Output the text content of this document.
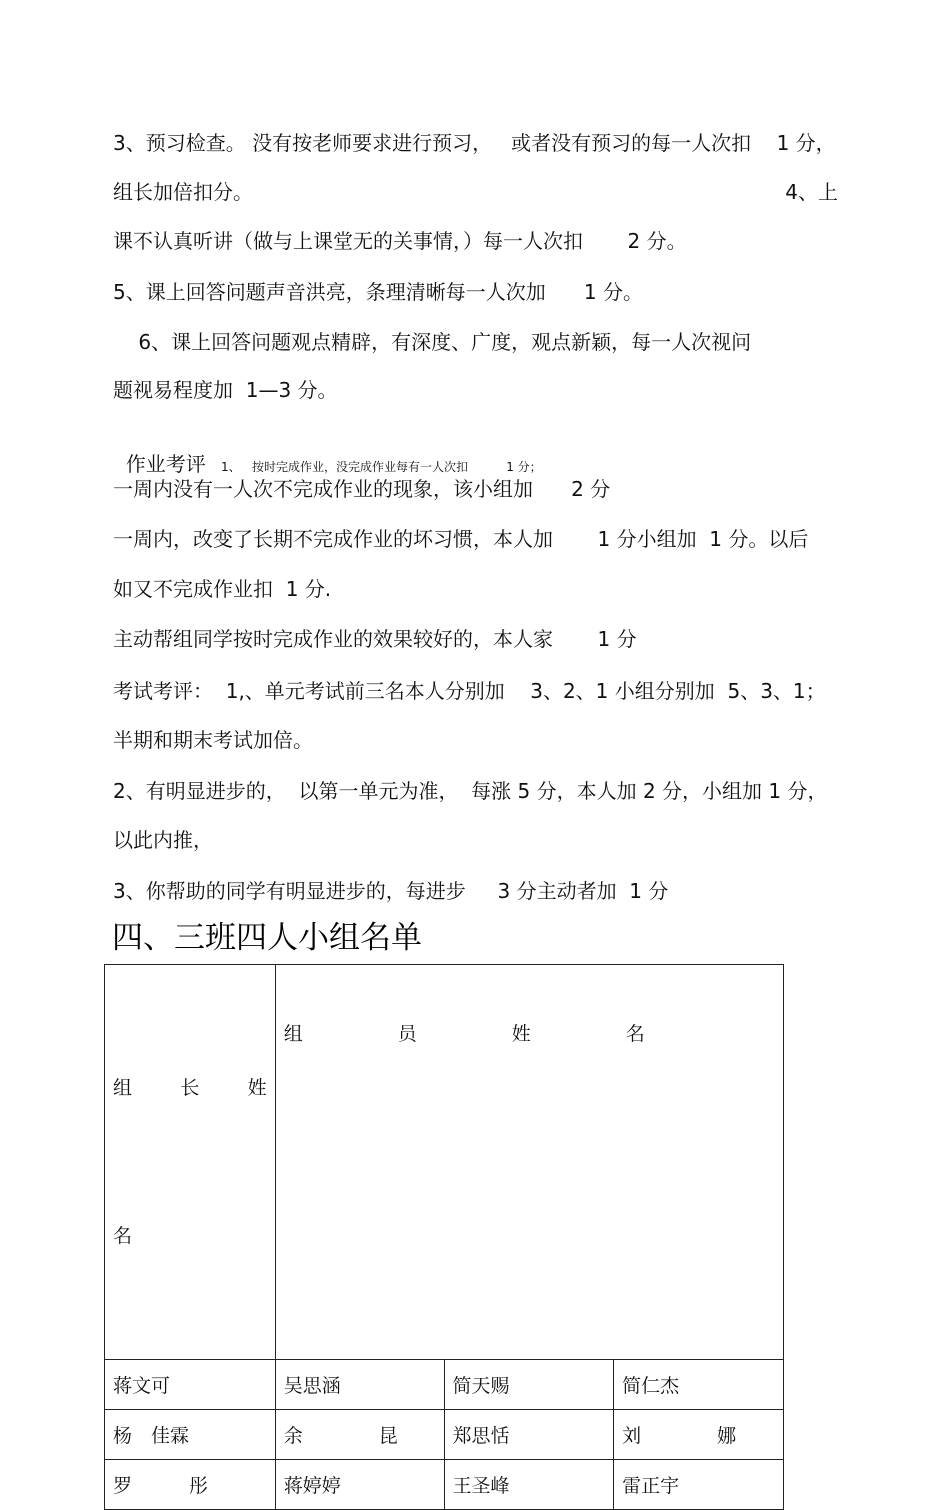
3、预习检查。 没有按老师要求进行预习，   或者没有预习的每一人次扣    1 分，
组长加倍扣分。	4、上
课不认真听讲（做与上课堂无的关事情，）每一人次扣       2 分。
5、课上回答问题声音洪亮，条理清晰每一人次加      1 分。
6、课上回答问题观点精辟，有深度、广度，观点新颖，每一人次视问
题视易程度加  1—3 分。

作业考评    1、   按时完成作业，没完成作业每有一人次扣          1 分；

一周内没有一人次不完成作业的现象，该小组加      2 分
一周内，改变了长期不完成作业的坏习惯，本人加       1 分小组加  1 分。以后
如又不完成作业扣  1 分.
主动帮组同学按时完成作业的效果较好的，本人家       1 分
考试考评：  1,、单元考试前三名本人分别加    3、2、1 小组分别加  5、3、1；
半期和期末考试加倍。
2、有明显进步的，  以第一单元为准，  每涨 5 分，本人加 2 分，小组加 1 分，
以此内推，
3、你帮助的同学有明显进步的，每进步     3 分主动者加  1 分
四、三班四人小组名单

组　长　姓

名	组　　　　　员　　　　　姓　　　　　名		

蒋文可	吴思涵	简天赐	简仁杰
杨　佳霖	余　　　　昆	郑思恬	刘　　　　娜
罗　　　彤	蒋婷婷	王圣峰	雷正宇
